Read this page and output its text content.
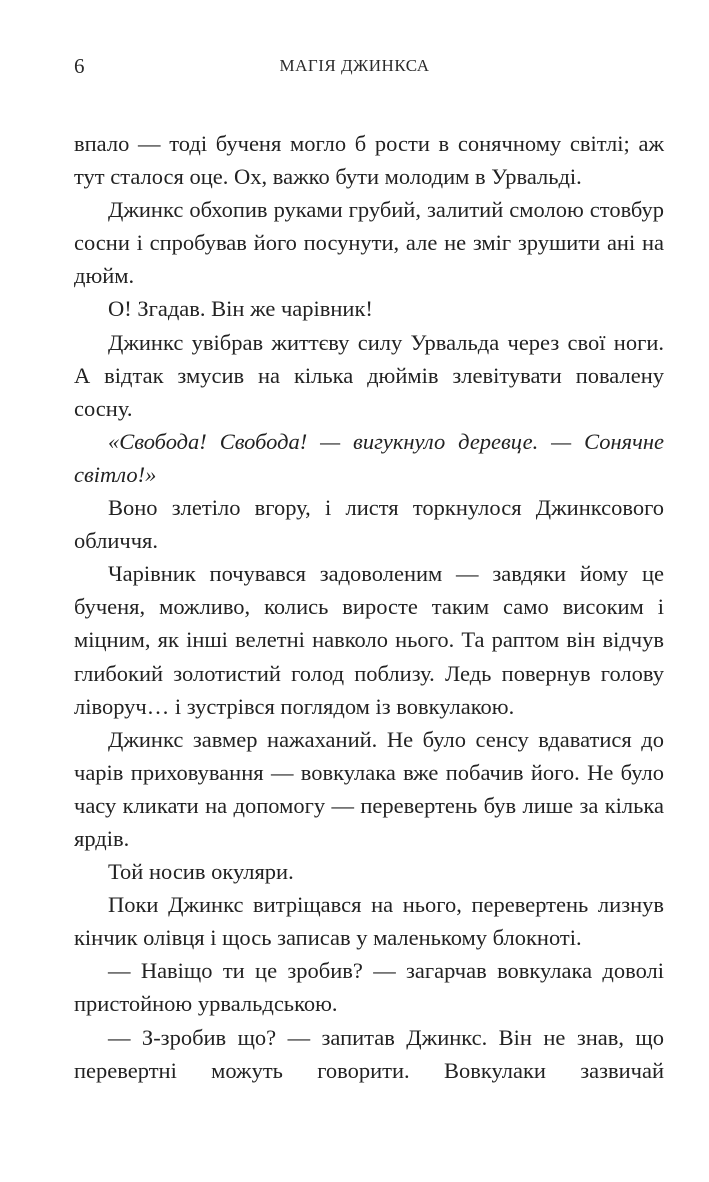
6	МАГІЯ ДЖИНКСА

впало — тоді бученя могло б рости в сонячному світлі; аж тут сталося оце. Ох, важко бути молодим в Урвальді.

Джинкс обхопив руками грубий, залитий смолою стовбур сосни і спробував його посунути, але не зміг зрушити ані на дюйм.

О! Згадав. Він же чарівник!

Джинкс увібрав життєву силу Урвальда через свої ноги. А відтак змусив на кілька дюймів злевітувати повалену сосну.

«Свобода! Свобода! — вигукнуло деревце. — Сонячне світло!»

Воно злетіло вгору, і листя торкнулося Джинксового обличчя.

Чарівник почувався задоволеним — завдяки йому це бученя, можливо, колись виросте таким само високим і міцним, як інші велетні навколо нього. Та раптом він відчув глибокий золотистий голод поблизу. Ледь повернув голову ліворуч… і зустрівся поглядом із вовкулакою.

Джинкс завмер нажаханий. Не було сенсу вдаватися до чарів приховування — вовкулака вже побачив його. Не було часу кликати на допомогу — перевертень був лише за кілька ярдів.

Той носив окуляри.

Поки Джинкс витріщався на нього, перевертень лизнув кінчик олівця і щось записав у маленькому блокноті.

— Навіщо ти це зробив? — загарчав вовкулака доволі пристойною урвальдською.

— З-зробив що? — запитав Джинкс. Він не знав, що перевертні можуть говорити. Вовкулаки зазвичай
